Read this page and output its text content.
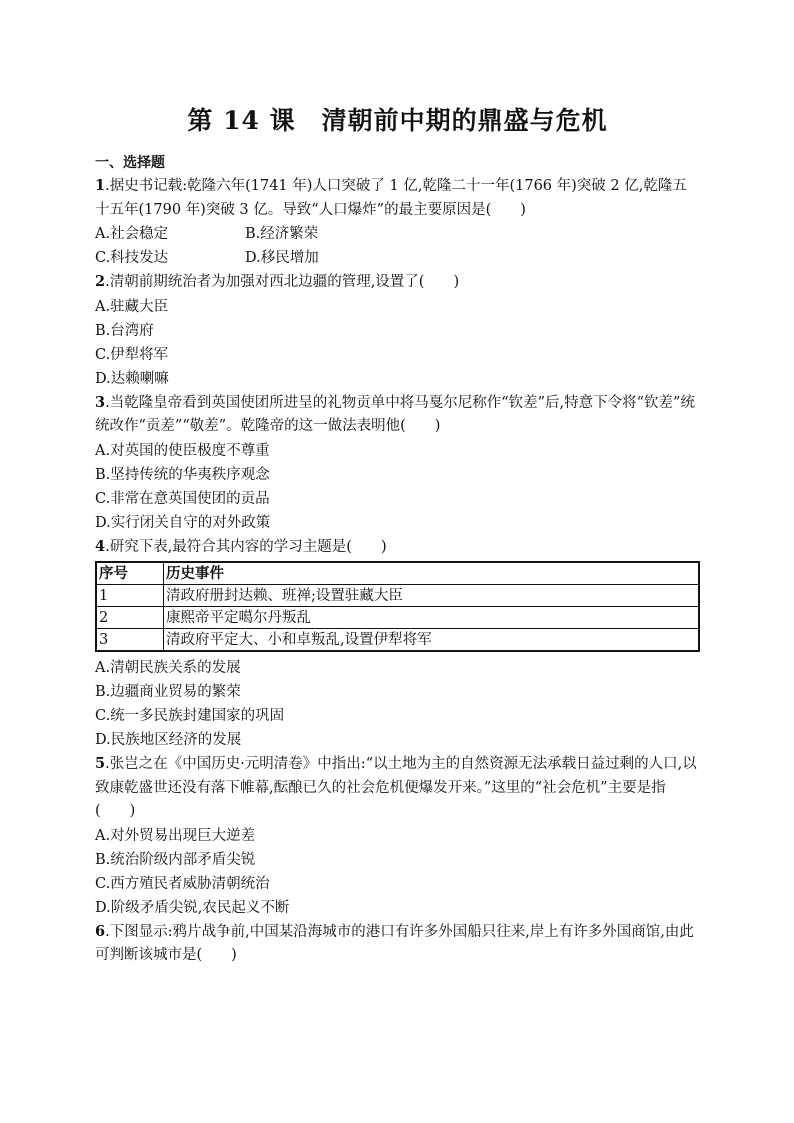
第 14 课　清朝前中期的鼎盛与危机

一、选择题

1.据史书记载:乾隆六年(1741 年)人口突破了 1 亿,乾隆二十一年(1766 年)突破 2 亿,乾隆五十五年(1790 年)突破 3 亿。导致“人口爆炸”的最主要原因是(　　)

A.社会稳定	B.经济繁荣
C.科技发达	D.移民增加

2.清朝前期统治者为加强对西北边疆的管理,设置了(　　)

A.驻藏大臣

B.台湾府

C.伊犁将军

D.达赖喇嘛

3.当乾隆皇帝看到英国使团所进呈的礼物贡单中将马戛尔尼称作“钦差”后,特意下令将“钦差”统统改作“贡差”“敬差”。乾隆帝的这一做法表明他(　　)

A.对英国的使臣极度不尊重

B.坚持传统的华夷秩序观念

C.非常在意英国使团的贡品

D.实行闭关自守的对外政策

4.研究下表,最符合其内容的学习主题是(　　)

序号	历史事件
1	清政府册封达赖、班禅;设置驻藏大臣
2	康熙帝平定噶尔丹叛乱
3	清政府平定大、小和卓叛乱,设置伊犁将军

A.清朝民族关系的发展

B.边疆商业贸易的繁荣

C.统一多民族封建国家的巩固

D.民族地区经济的发展

5.张岂之在《中国历史·元明清卷》中指出:“以土地为主的自然资源无法承载日益过剩的人口,以致康乾盛世还没有落下帷幕,酝酿已久的社会危机便爆发开来。”这里的“社会危机”主要是指(　　)

A.对外贸易出现巨大逆差

B.统治阶级内部矛盾尖锐

C.西方殖民者威胁清朝统治

D.阶级矛盾尖锐,农民起义不断

6.下图显示:鸦片战争前,中国某沿海城市的港口有许多外国船只往来,岸上有许多外国商馆,由此可判断该城市是(　　)
